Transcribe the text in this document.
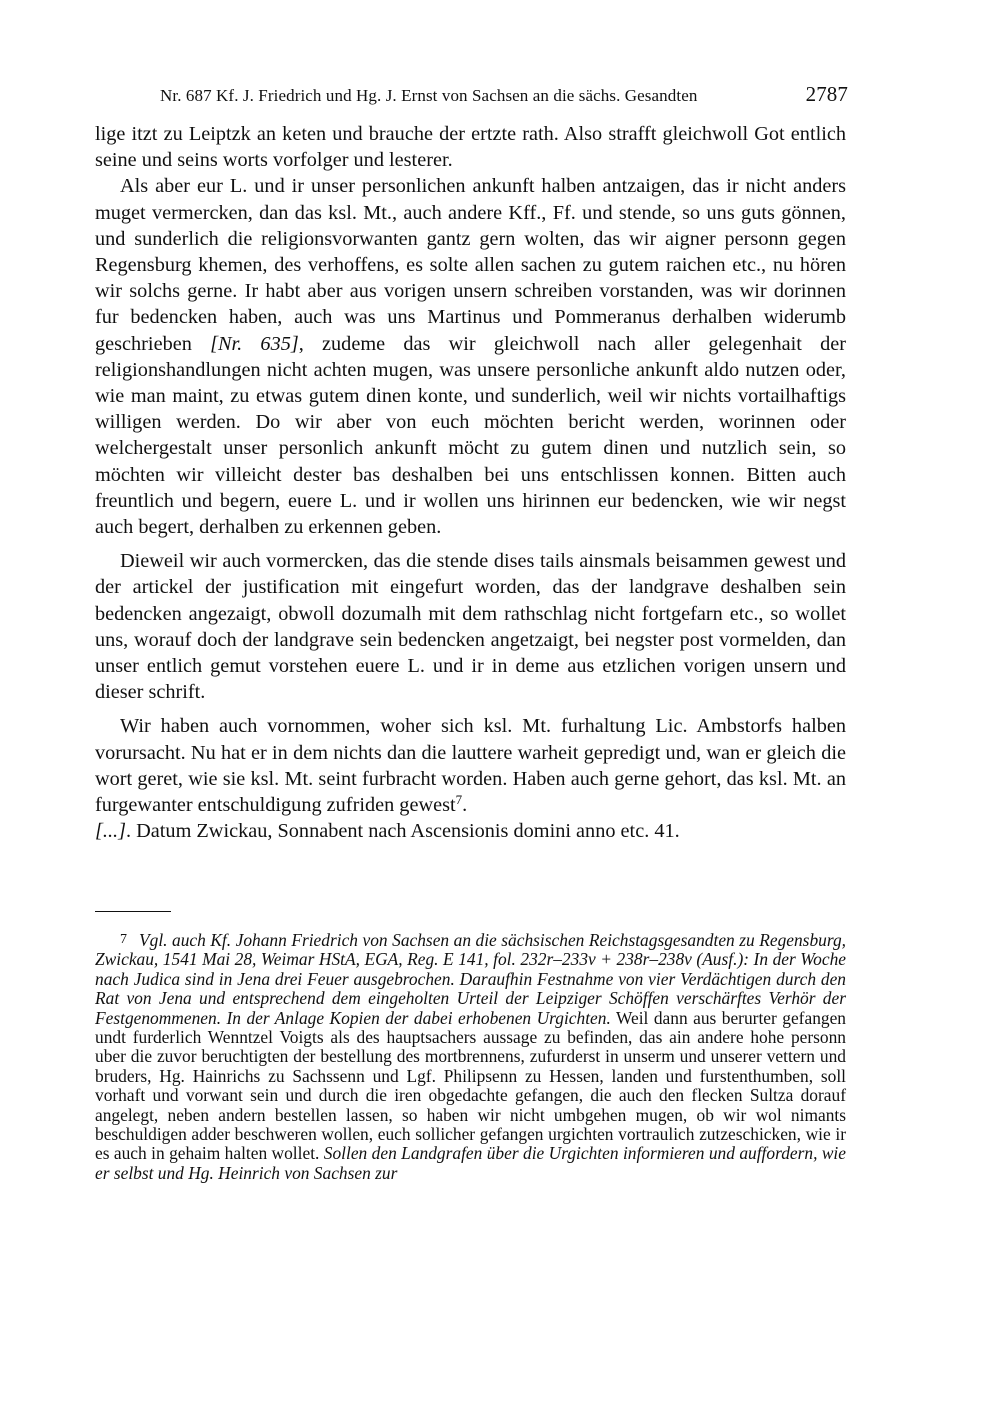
Nr. 687 Kf. J. Friedrich und Hg. J. Ernst von Sachsen an die sächs. Gesandten	2787

lige itzt zu Leiptzk an keten und brauche der ertzte rath. Also strafft gleichwoll Got entlich seine und seins worts vorfolger und lesterer.

Als aber eur L. und ir unser personlichen ankunft halben antzaigen, das ir nicht anders muget vermercken, dan das ksl. Mt., auch andere Kff., Ff. und stende, so uns guts gönnen, und sunderlich die religionsvorwanten gantz gern wolten, das wir aigner personn gegen Regensburg khemen, des verhoffens, es solte allen sachen zu gutem raichen etc., nu hören wir solchs gerne. Ir habt aber aus vorigen unsern schreiben vorstanden, was wir dorinnen fur bedencken haben, auch was uns Martinus und Pommeranus derhalben widerumb geschrieben [Nr. 635], zudeme das wir gleichwoll nach aller gelegenhait der religionshandlungen nicht achten mugen, was unsere personliche ankunft aldo nutzen oder, wie man maint, zu etwas gutem dinen konte, und sunderlich, weil wir nichts vortailhaftigs willigen werden. Do wir aber von euch möchten bericht werden, worinnen oder welchergestalt unser personlich ankunft möcht zu gutem dinen und nutzlich sein, so möchten wir villeicht dester bas deshalben bei uns entschlissen konnen. Bitten auch freuntlich und begern, euere L. und ir wollen uns hirinnen eur bedencken, wie wir negst auch begert, derhalben zu erkennen geben.

Dieweil wir auch vormercken, das die stende dises tails ainsmals beisammen gewest und der artickel der justification mit eingefurt worden, das der landgrave deshalben sein bedencken angezaigt, obwoll dozumalh mit dem rathschlag nicht fortgefarn etc., so wollet uns, worauf doch der landgrave sein bedencken angetzaigt, bei negster post vormelden, dan unser entlich gemut vorstehen euere L. und ir in deme aus etzlichen vorigen unsern und dieser schrift.

Wir haben auch vornommen, woher sich ksl. Mt. furhaltung Lic. Ambstorfs halben vorursacht. Nu hat er in dem nichts dan die lauttere warheit gepredigt und, wan er gleich die wort geret, wie sie ksl. Mt. seint furbracht worden. Haben auch gerne gehort, das ksl. Mt. an furgewanter entschuldigung zufriden gewest$^7$.
[...]. Datum Zwickau, Sonnabent nach Ascensionis domini anno etc. 41.

7 Vgl. auch Kf. Johann Friedrich von Sachsen an die sächsischen Reichstagsgesandten zu Regensburg, Zwickau, 1541 Mai 28, Weimar HStA, EGA, Reg. E 141, fol. 232r–233v + 238r–238v (Ausf.): In der Woche nach Judica sind in Jena drei Feuer ausgebrochen. Daraufhin Festnahme von vier Verdächtigen durch den Rat von Jena und entsprechend dem eingeholten Urteil der Leipziger Schöffen verschärftes Verhör der Festgenommenen. In der Anlage Kopien der dabei erhobenen Urgichten. Weil dann aus berurter gefangen undt furderlich Wenntzel Voigts als des hauptsachers aussage zu befinden, das ain andere hohe personn uber die zuvor beruchtigten der bestellung des mortbrennens, zufurderst in unserm und unserer vettern und bruders, Hg. Hainrichs zu Sachssenn und Lgf. Philipsenn zu Hessen, landen und furstenthumben, soll vorhaft und vorwant sein und durch die iren obgedachte gefangen, die auch den flecken Sultza dorauf angelegt, neben andern bestellen lassen, so haben wir nicht umbgehen mugen, ob wir wol nimants beschuldigen adder beschweren wollen, euch sollicher gefangen urgichten vortraulich zutzeschicken, wie ir es auch in gehaim halten wollet. Sollen den Landgrafen über die Urgichten informieren und auffordern, wie er selbst und Hg. Heinrich von Sachsen zur
